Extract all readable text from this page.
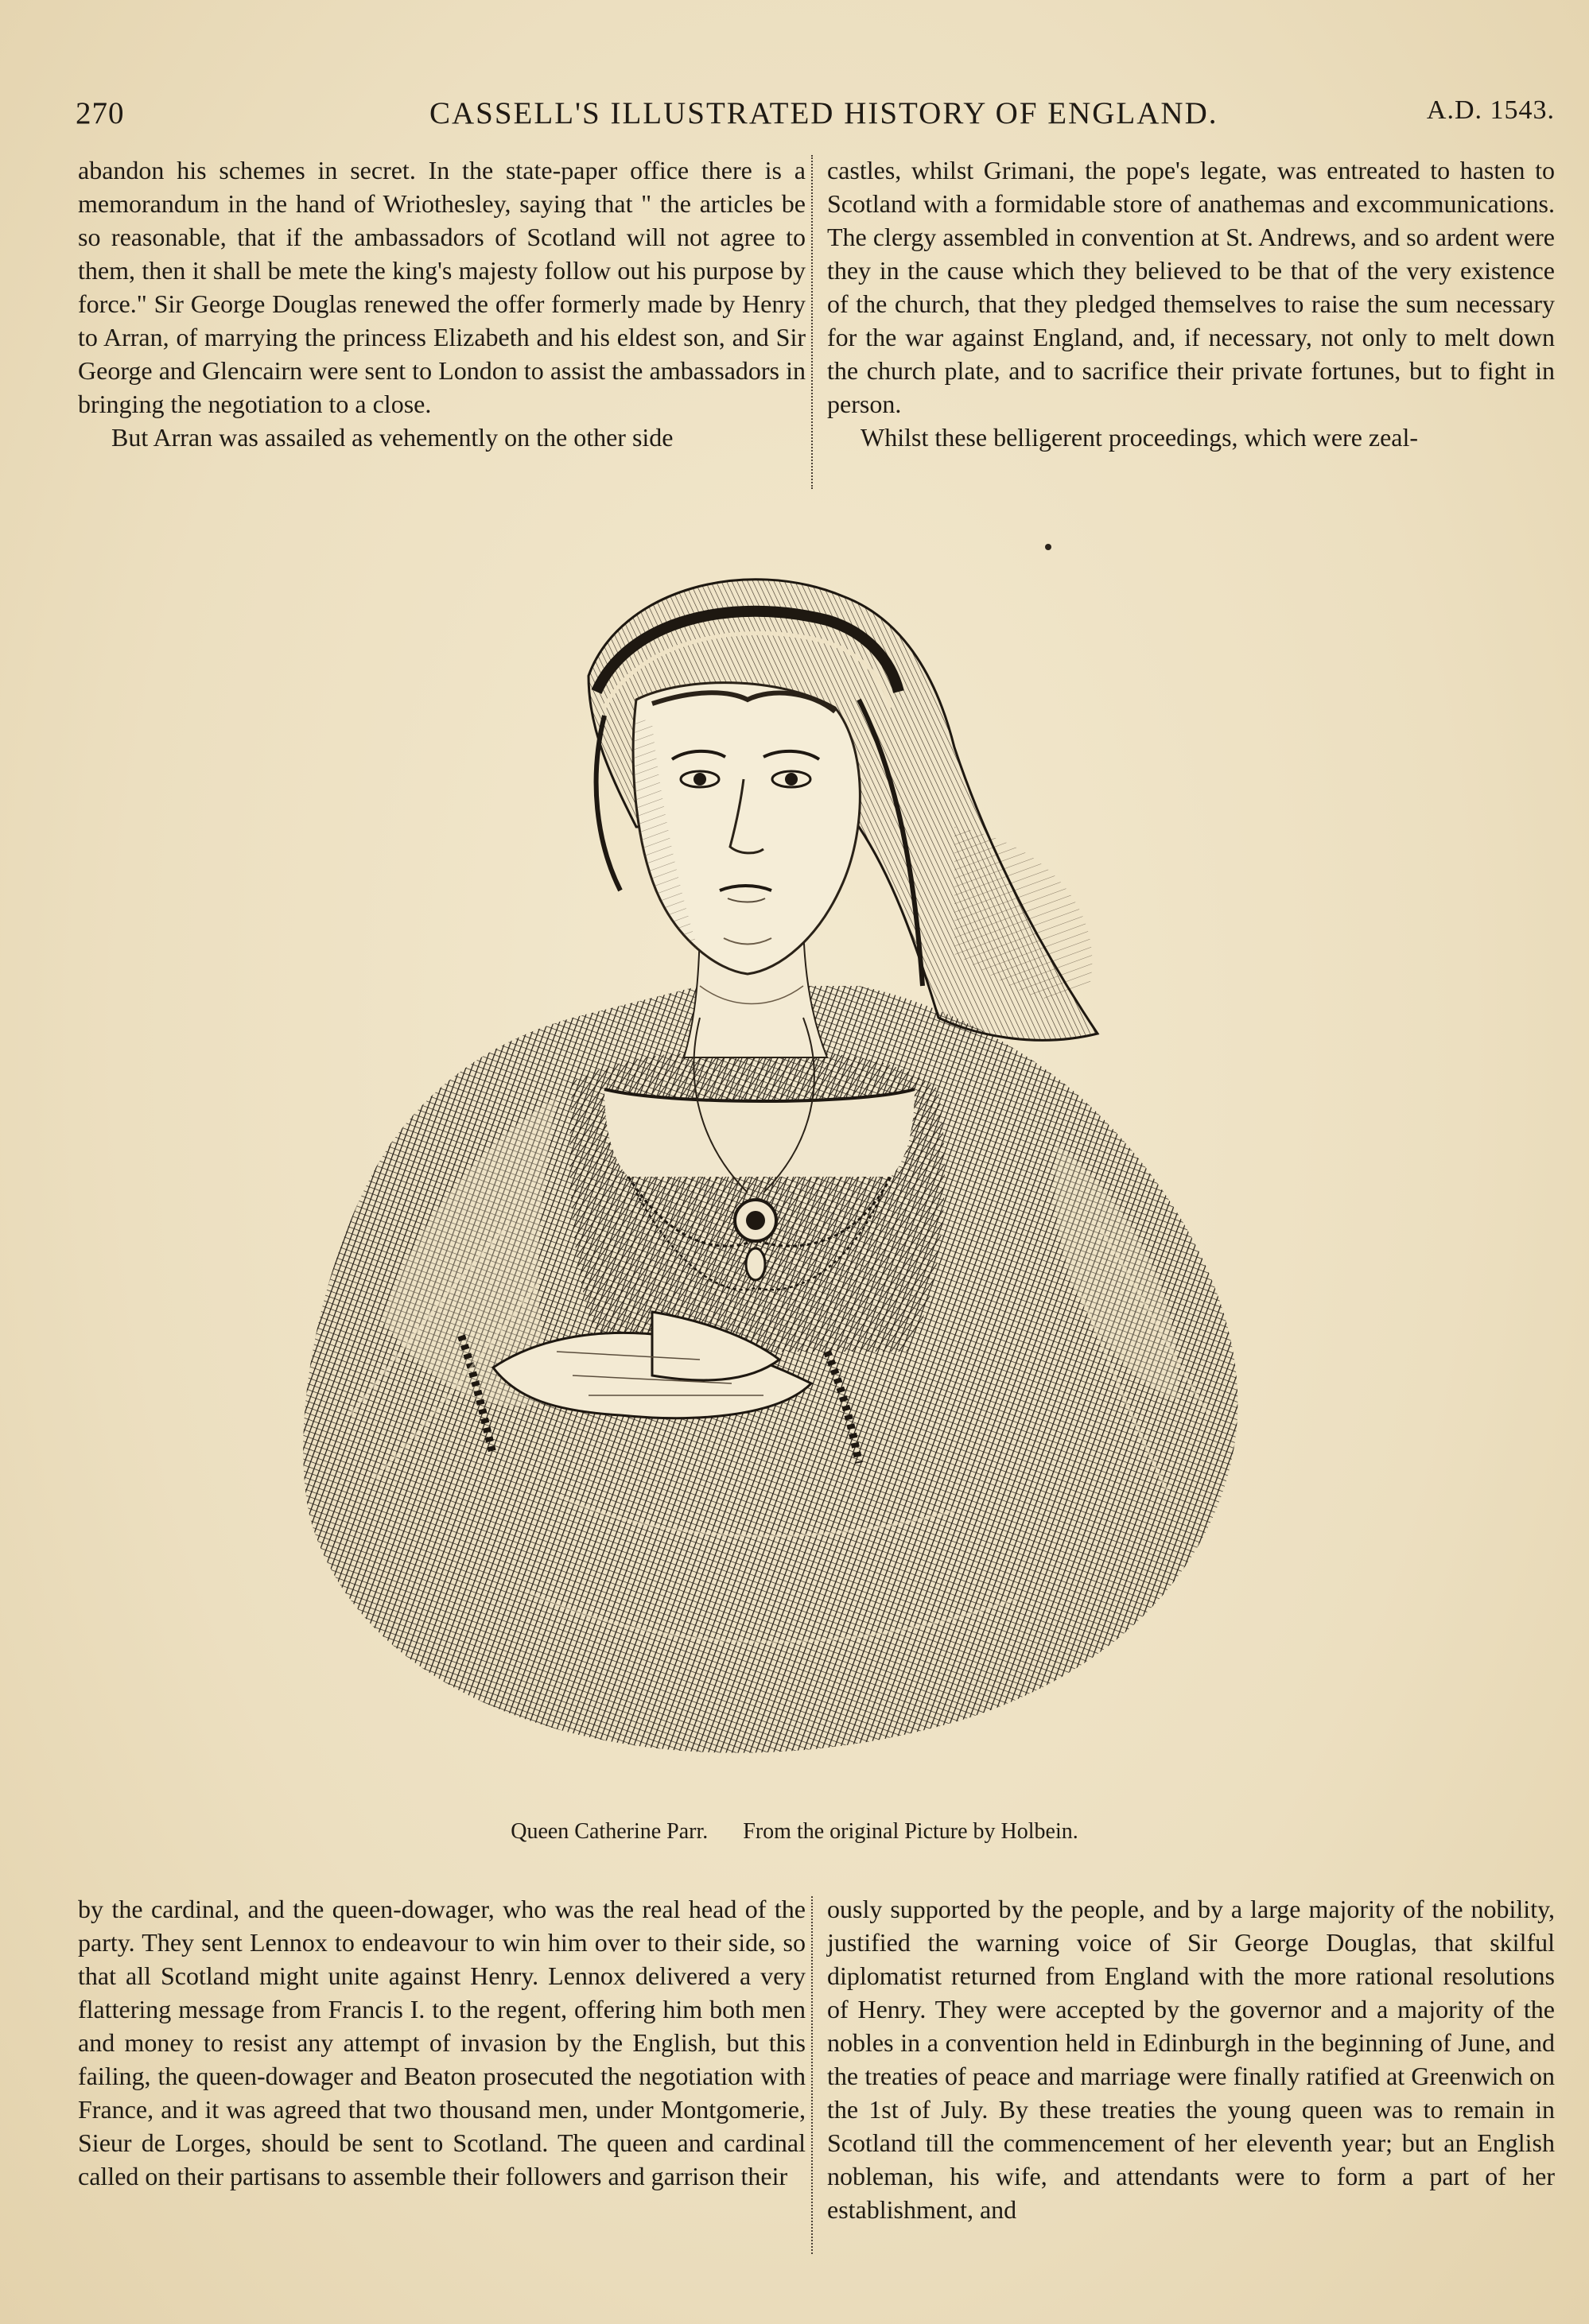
270	CASSELL'S ILLUSTRATED HISTORY OF ENGLAND.	A.D. 1543.

abandon his schemes in secret. In the state-paper office there is a memorandum in the hand of Wriothesley, saying that " the articles be so reasonable, that if the ambassadors of Scotland will not agree to them, then it shall be mete the king's majesty follow out his purpose by force." Sir George Douglas renewed the offer formerly made by Henry to Arran, of marrying the princess Elizabeth and his eldest son, and Sir George and Glencairn were sent to London to assist the ambassadors in bringing the negotiation to a close.

But Arran was assailed as vehemently on the other side

castles, whilst Grimani, the pope's legate, was entreated to hasten to Scotland with a formidable store of anathemas and excommunications. The clergy assembled in convention at St. Andrews, and so ardent were they in the cause which they believed to be that of the very existence of the church, that they pledged themselves to raise the sum necessary for the war against England, and, if necessary, not only to melt down the church plate, and to sacrifice their private fortunes, but to fight in person.

Whilst these belligerent proceedings, which were zeal-

Queen Catherine Parr. From the original Picture by Holbein.

by the cardinal, and the queen-dowager, who was the real head of the party. They sent Lennox to endeavour to win him over to their side, so that all Scotland might unite against Henry. Lennox delivered a very flattering message from Francis I. to the regent, offering him both men and money to resist any attempt of invasion by the English, but this failing, the queen-dowager and Beaton prosecuted the negotiation with France, and it was agreed that two thousand men, under Montgomerie, Sieur de Lorges, should be sent to Scotland. The queen and cardinal called on their partisans to assemble their followers and garrison their

ously supported by the people, and by a large majority of the nobility, justified the warning voice of Sir George Douglas, that skilful diplomatist returned from England with the more rational resolutions of Henry. They were accepted by the governor and a majority of the nobles in a convention held in Edinburgh in the beginning of June, and the treaties of peace and marriage were finally ratified at Greenwich on the 1st of July. By these treaties the young queen was to remain in Scotland till the commencement of her eleventh year; but an English nobleman, his wife, and attendants were to form a part of her establishment, and
